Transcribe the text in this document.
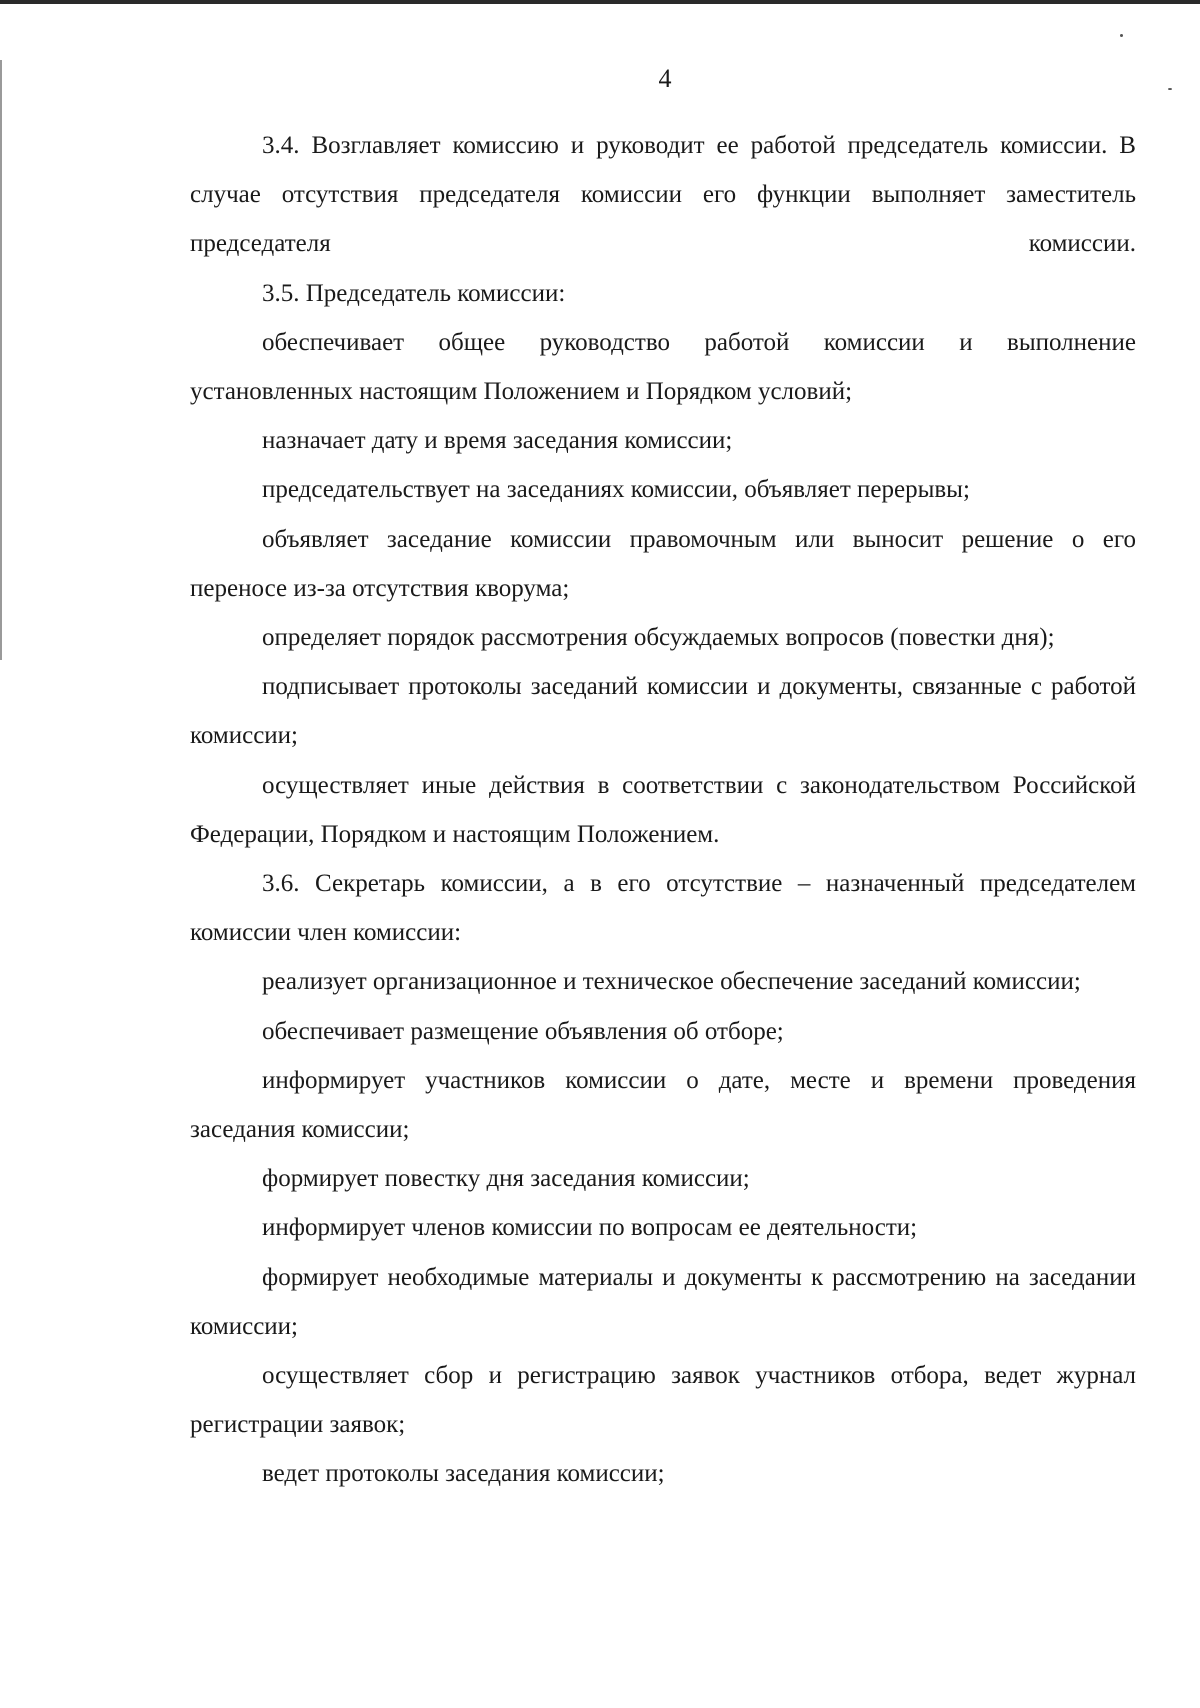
4

3.4. Возглавляет комиссию и руководит ее работой председатель комиссии. В случае отсутствия председателя комиссии его функции выполняет заместитель председателя комиссии.

3.5. Председатель комиссии:

обеспечивает общее руководство работой комиссии и выполнение установленных настоящим Положением и Порядком условий;

назначает дату и время заседания комиссии;

председательствует на заседаниях комиссии, объявляет перерывы;

объявляет заседание комиссии правомочным или выносит решение о его переносе из-за отсутствия кворума;

определяет порядок рассмотрения обсуждаемых вопросов (повестки дня);

подписывает протоколы заседаний комиссии и документы, связанные с работой комиссии;

осуществляет иные действия в соответствии с законодательством Российской Федерации, Порядком и настоящим Положением.

3.6. Секретарь комиссии, а в его отсутствие – назначенный председателем комиссии член комиссии:

реализует организационное и техническое обеспечение заседаний комиссии;

обеспечивает размещение объявления об отборе;

информирует участников комиссии о дате, месте и времени проведения заседания комиссии;

формирует повестку дня заседания комиссии;

информирует членов комиссии по вопросам ее деятельности;

формирует необходимые материалы и документы к рассмотрению на заседании комиссии;

осуществляет сбор и регистрацию заявок участников отбора, ведет журнал регистрации заявок;

ведет протоколы заседания комиссии;
